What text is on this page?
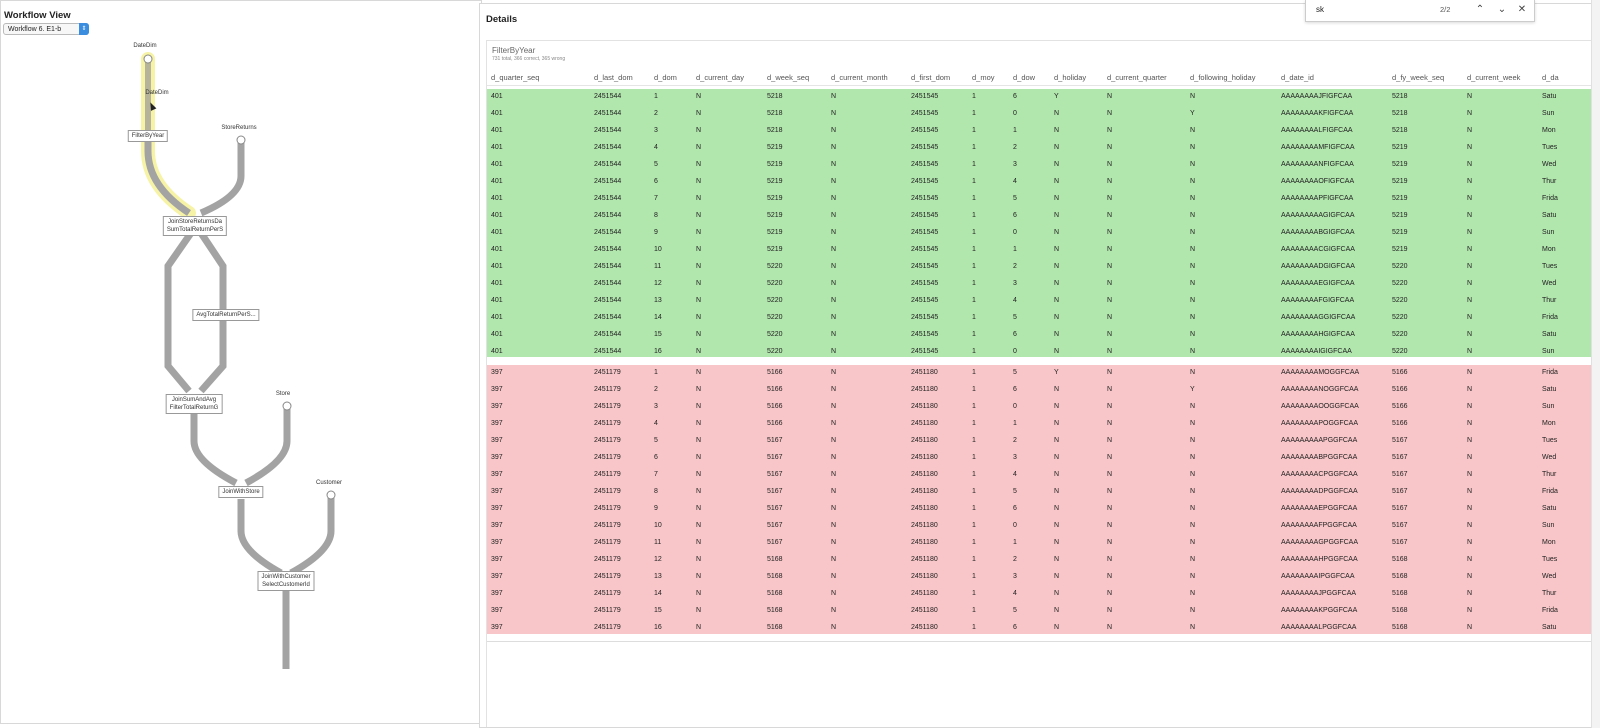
Workflow View
Workflow 6. E1-b	⇕
DateDim
DateDim
FilterByYear
StoreReturns
JoinStoreReturnsDa
SumTotalReturnPerS
AvgTotalReturnPerS...
JoinSumAndAvg
FilterTotalReturnG
Store
JoinWithStore
Customer
JoinWithCustomer
SelectCustomerId
Details
FilterByYear
731 total, 366 correct, 365 wrong
d_quarter_seq	d_last_dom	d_dom	d_current_day	d_week_seq	d_current_month	d_first_dom	d_moy d_dow	d_holiday	d_current_quarter	d_following_holiday	d_date_id	d_fy_week_seq	d_current_week	d_da
401	2451544	1	N	5218	N	2451545	1	6	Y	N	N	AAAAAAAAJFIGFCAA	5218	N	Satu
401	2451544	2	N	5218	N	2451545	1	0	N	N	Y	AAAAAAAAKFIGFCAA	5218	N	Sun
401	2451544	3	N	5218	N	2451545	1	1	N	N	N	AAAAAAAALFIGFCAA	5218	N	Mon
401	2451544	4	N	5219	N	2451545	1	2	N	N	N	AAAAAAAAMFIGFCAA	5219	N	Tues
401	2451544	5	N	5219	N	2451545	1	3	N	N	N	AAAAAAAANFIGFCAA	5219	N	Wed
401	2451544	6	N	5219	N	2451545	1	4	N	N	N	AAAAAAAAOFIGFCAA	5219	N	Thur
401	2451544	7	N	5219	N	2451545	1	5	N	N	N	AAAAAAAAPFIGFCAA	5219	N	Frida
401	2451544	8	N	5219	N	2451545	1	6	N	N	N	AAAAAAAAAGIGFCAA	5219	N	Satu
401	2451544	9	N	5219	N	2451545	1	0	N	N	N	AAAAAAAABGIGFCAA	5219	N	Sun
401	2451544	10	N	5219	N	2451545	1	1	N	N	N	AAAAAAAACGIGFCAA	5219	N	Mon
401	2451544	11	N	5220	N	2451545	1	2	N	N	N	AAAAAAAADGIGFCAA	5220	N	Tues
401	2451544	12	N	5220	N	2451545	1	3	N	N	N	AAAAAAAAEGIGFCAA	5220	N	Wed
401	2451544	13	N	5220	N	2451545	1	4	N	N	N	AAAAAAAAFGIGFCAA	5220	N	Thur
401	2451544	14	N	5220	N	2451545	1	5	N	N	N	AAAAAAAAGGIGFCAA	5220	N	Frida
401	2451544	15	N	5220	N	2451545	1	6	N	N	N	AAAAAAAAHGIGFCAA	5220	N	Satu
401	2451544	16	N	5220	N	2451545	1	0	N	N	N	AAAAAAAAIGIGFCAA	5220	N	Sun
397	2451179	1	N	5166	N	2451180	1	5	Y	N	N	AAAAAAAAMOGGFCAA	5166	N	Frida
397	2451179	2	N	5166	N	2451180	1	6	N	N	Y	AAAAAAAANOGGFCAA	5166	N	Satu
397	2451179	3	N	5166	N	2451180	1	0	N	N	N	AAAAAAAAOOGGFCAA	5166	N	Sun
397	2451179	4	N	5166	N	2451180	1	1	N	N	N	AAAAAAAAPOGGFCAA	5166	N	Mon
397	2451179	5	N	5167	N	2451180	1	2	N	N	N	AAAAAAAAAPGGFCAA	5167	N	Tues
397	2451179	6	N	5167	N	2451180	1	3	N	N	N	AAAAAAAABPGGFCAA	5167	N	Wed
397	2451179	7	N	5167	N	2451180	1	4	N	N	N	AAAAAAAACPGGFCAA	5167	N	Thur
397	2451179	8	N	5167	N	2451180	1	5	N	N	N	AAAAAAAADPGGFCAA	5167	N	Frida
397	2451179	9	N	5167	N	2451180	1	6	N	N	N	AAAAAAAAEPGGFCAA	5167	N	Satu
397	2451179	10	N	5167	N	2451180	1	0	N	N	N	AAAAAAAAFPGGFCAA	5167	N	Sun
397	2451179	11	N	5167	N	2451180	1	1	N	N	N	AAAAAAAAGPGGFCAA	5167	N	Mon
397	2451179	12	N	5168	N	2451180	1	2	N	N	N	AAAAAAAAHPGGFCAA	5168	N	Tues
397	2451179	13	N	5168	N	2451180	1	3	N	N	N	AAAAAAAAIPGGFCAA	5168	N	Wed
397	2451179	14	N	5168	N	2451180	1	4	N	N	N	AAAAAAAAJPGGFCAA	5168	N	Thur
397	2451179	15	N	5168	N	2451180	1	5	N	N	N	AAAAAAAAKPGGFCAA	5168	N	Frida
397	2451179	16	N	5168	N	2451180	1	6	N	N	N	AAAAAAAALPGGFCAA	5168	N	Satu
sk	2/2	⌃	⌄	✕
